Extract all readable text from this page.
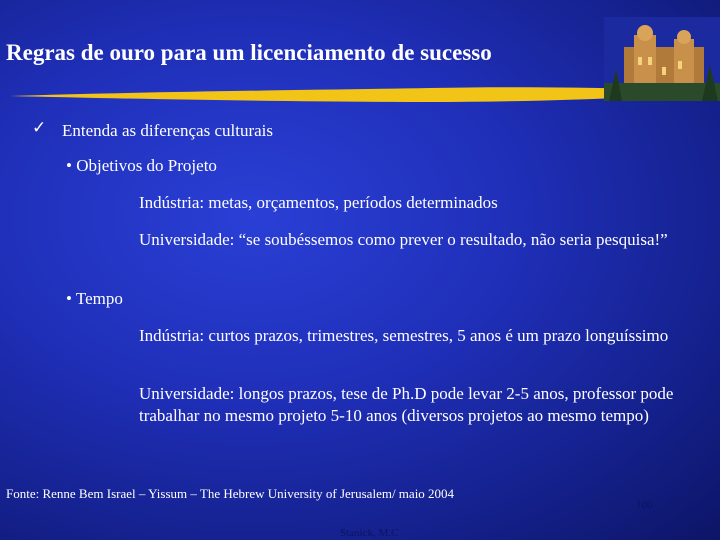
Regras de ouro para um licenciamento de sucesso
✓ Entenda as diferenças culturais
• Objetivos do Projeto
Indústria: metas, orçamentos, períodos determinados
Universidade: “se soubéssemos como prever o resultado, não seria pesquisa!”
• Tempo
Indústria: curtos prazos, trimestres, semestres, 5 anos é um prazo longuíssimo
Universidade: longos prazos, tese de Ph.D pode levar 2-5 anos, professor pode trabalhar no mesmo projeto 5-10 anos (diversos projetos ao mesmo tempo)
Fonte: Renne Bem Israel – Yissum – The Hebrew University of Jerusalem/ maio 2004
100
Stanick, M.C
